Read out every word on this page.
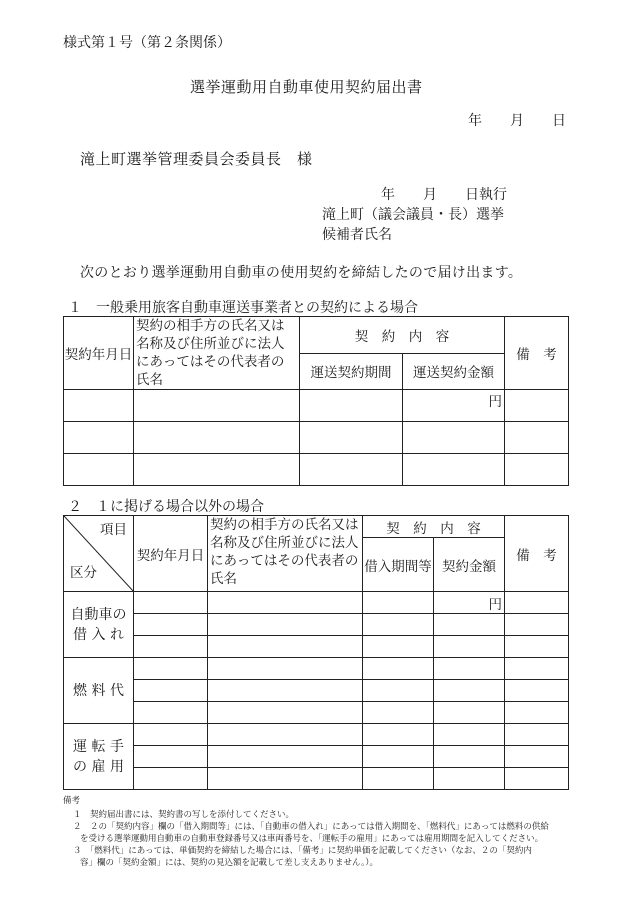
様式第１号（第２条関係）
選挙運動用自動車使用契約届出書
年　　月　　日
滝上町選挙管理委員会委員長　様
年　　月　　日執行
滝上町（議会議員・長）選挙
候補者氏名
次のとおり選挙運動用自動車の使用契約を締結したので届け出ます。
１　一般乗用旅客自動車運送事業者との契約による場合
契約年月日	契約の相手方の氏名又は名称及び住所並びに法人にあってはその代表者の氏名	契　約　内　容		備　考
		運送契約期間	運送契約金額	
			円	

２　１に掲げる場合以外の場合
項目
区分	契約年月日	契約の相手方の氏名又は名称及び住所並びに法人にあってはその代表者の氏名	契　約　内　容		備　考
			借入期間等	契約金額	
自動車の
借 入 れ				円	

燃 料 代					

運 転 手
の 雇 用					

備考
１　契約届出書には、契約書の写しを添付してください。
２　２の「契約内容」欄の「借入期間等」には、「自動車の借入れ」にあっては借入期間を、「燃料代」にあっては燃料の供給
を受ける選挙運動用自動車の自動車登録番号又は車両番号を、「運転手の雇用」にあっては雇用期間を記入してください。
３　「燃料代」にあっては、単価契約を締結した場合には、「備考」に契約単価を記載してください（なお、２の「契約内
容」欄の「契約金額」には、契約の見込額を記載して差し支えありません。）。
